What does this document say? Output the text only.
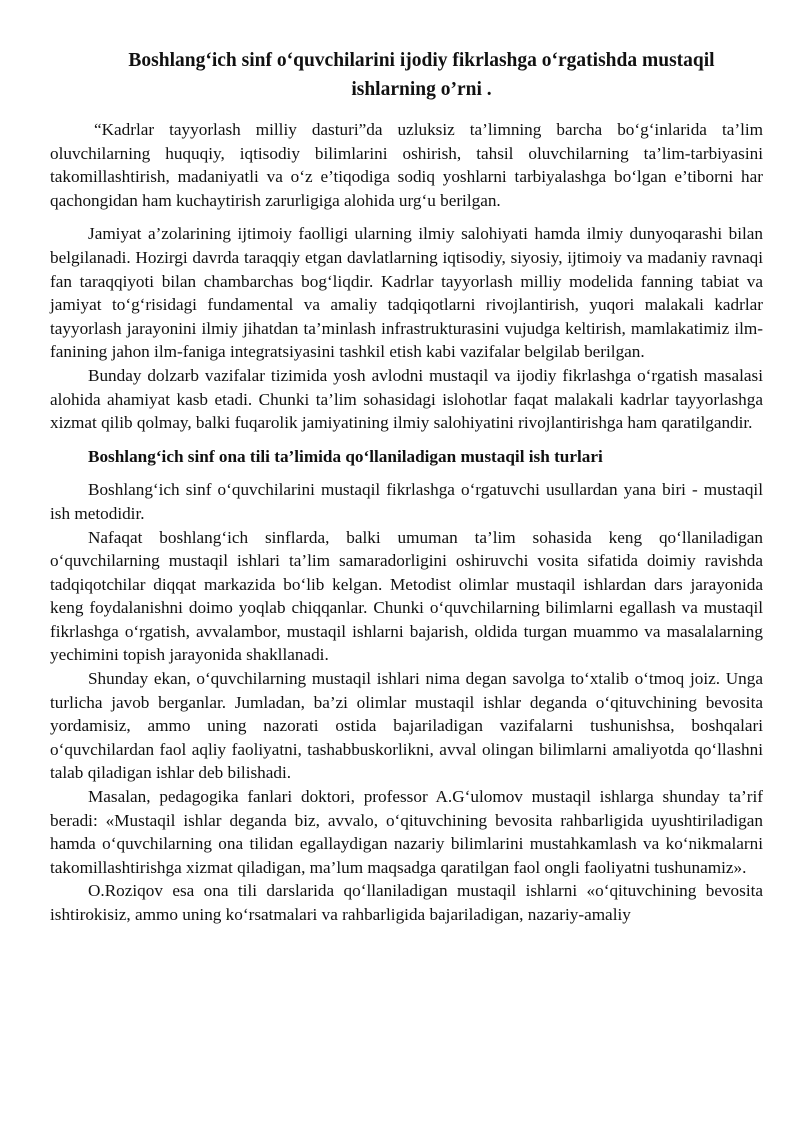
Boshlang‘ich sinf o‘quvchilarini ijodiy fikrlashga o‘rgatishda mustaqil
ishlarning o’rni .

“Kadrlar tayyorlash milliy dasturi”da uzluksiz ta’limning barcha bo‘g‘inlarida ta’lim oluvchilarning huquqiy, iqtisodiy bilimlarini oshirish, tahsil oluvchilarning ta’lim-tarbiyasini takomillashtirish, madaniyatli va o‘z e’tiqodiga sodiq yoshlarni tarbiyalashga bo‘lgan e’tiborni har qachongidan ham kuchaytirish zarurligiga alohida urg‘u berilgan.

Jamiyat a’zolarining ijtimoiy faolligi ularning ilmiy salohiyati hamda ilmiy dunyoqarashi bilan belgilanadi. Hozirgi davrda taraqqiy etgan davlatlarning iqtisodiy, siyosiy, ijtimoiy va madaniy ravnaqi fan taraqqiyoti bilan chambarchas bog‘liqdir. Kadrlar tayyorlash milliy modelida fanning tabiat va jamiyat to‘g‘risidagi fundamental va amaliy tadqiqotlarni rivojlantirish, yuqori malakali kadrlar tayyorlash jarayonini ilmiy jihatdan ta’minlash infrastrukturasini vujudga keltirish, mamlakatimiz ilm-fanining jahon ilm-faniga integratsiyasini tashkil etish kabi vazifalar belgilab berilgan.

Bunday dolzarb vazifalar tizimida yosh avlodni mustaqil va ijodiy fikrlashga o‘rgatish masalasi alohida ahamiyat kasb etadi. Chunki ta’lim sohasidagi islohotlar faqat malakali kadrlar tayyorlashga xizmat qilib qolmay, balki fuqarolik jamiyatining ilmiy salohiyatini rivojlantirishga ham qaratilgandir.

Boshlang‘ich sinf ona tili ta’limida qo‘llaniladigan mustaqil ish turlari

Boshlang‘ich sinf o‘quvchilarini mustaqil fikrlashga o‘rgatuvchi usullardan yana biri - mustaqil ish metodidir.

Nafaqat boshlang‘ich sinflarda, balki umuman ta’lim sohasida keng qo‘llaniladigan o‘quvchilarning mustaqil ishlari ta’lim samaradorligini oshiruvchi vosita sifatida doimiy ravishda tadqiqotchilar diqqat markazida bo‘lib kelgan. Metodist olimlar mustaqil ishlardan dars jarayonida keng foydalanishni doimo yoqlab chiqqanlar. Chunki o‘quvchilarning bilimlarni egallash va mustaqil fikrlashga o‘rgatish, avvalambor, mustaqil ishlarni bajarish, oldida turgan muammo va masalalarning yechimini topish jarayonida shakllanadi.

Shunday ekan, o‘quvchilarning mustaqil ishlari nima degan savolga to‘xtalib o‘tmoq joiz. Unga turlicha javob berganlar. Jumladan, ba’zi olimlar mustaqil ishlar deganda o‘qituvchining bevosita yordamisiz, ammo uning nazorati ostida bajariladigan vazifalarni tushunishsa, boshqalari o‘quvchilardan faol aqliy faoliyatni, tashabbuskorlikni, avval olingan bilimlarni amaliyotda qo‘llashni talab qiladigan ishlar deb bilishadi.

Masalan, pedagogika fanlari doktori, professor A.G‘ulomov mustaqil ishlarga shunday ta’rif beradi: «Mustaqil ishlar deganda biz, avvalo, o‘qituvchining bevosita rahbarligida uyushtiriladigan hamda o‘quvchilarning ona tilidan egallaydigan nazariy bilimlarini mustahkamlash va ko‘nikmalarni takomillashtirishga xizmat qiladigan, ma’lum maqsadga qaratilgan faol ongli faoliyatni tushunamiz».

O.Roziqov esa ona tili darslarida qo‘llaniladigan mustaqil ishlarni «o‘qituvchining bevosita ishtirokisiz, ammo uning ko‘rsatmalari va rahbarligida bajariladigan, nazariy-amaliy
